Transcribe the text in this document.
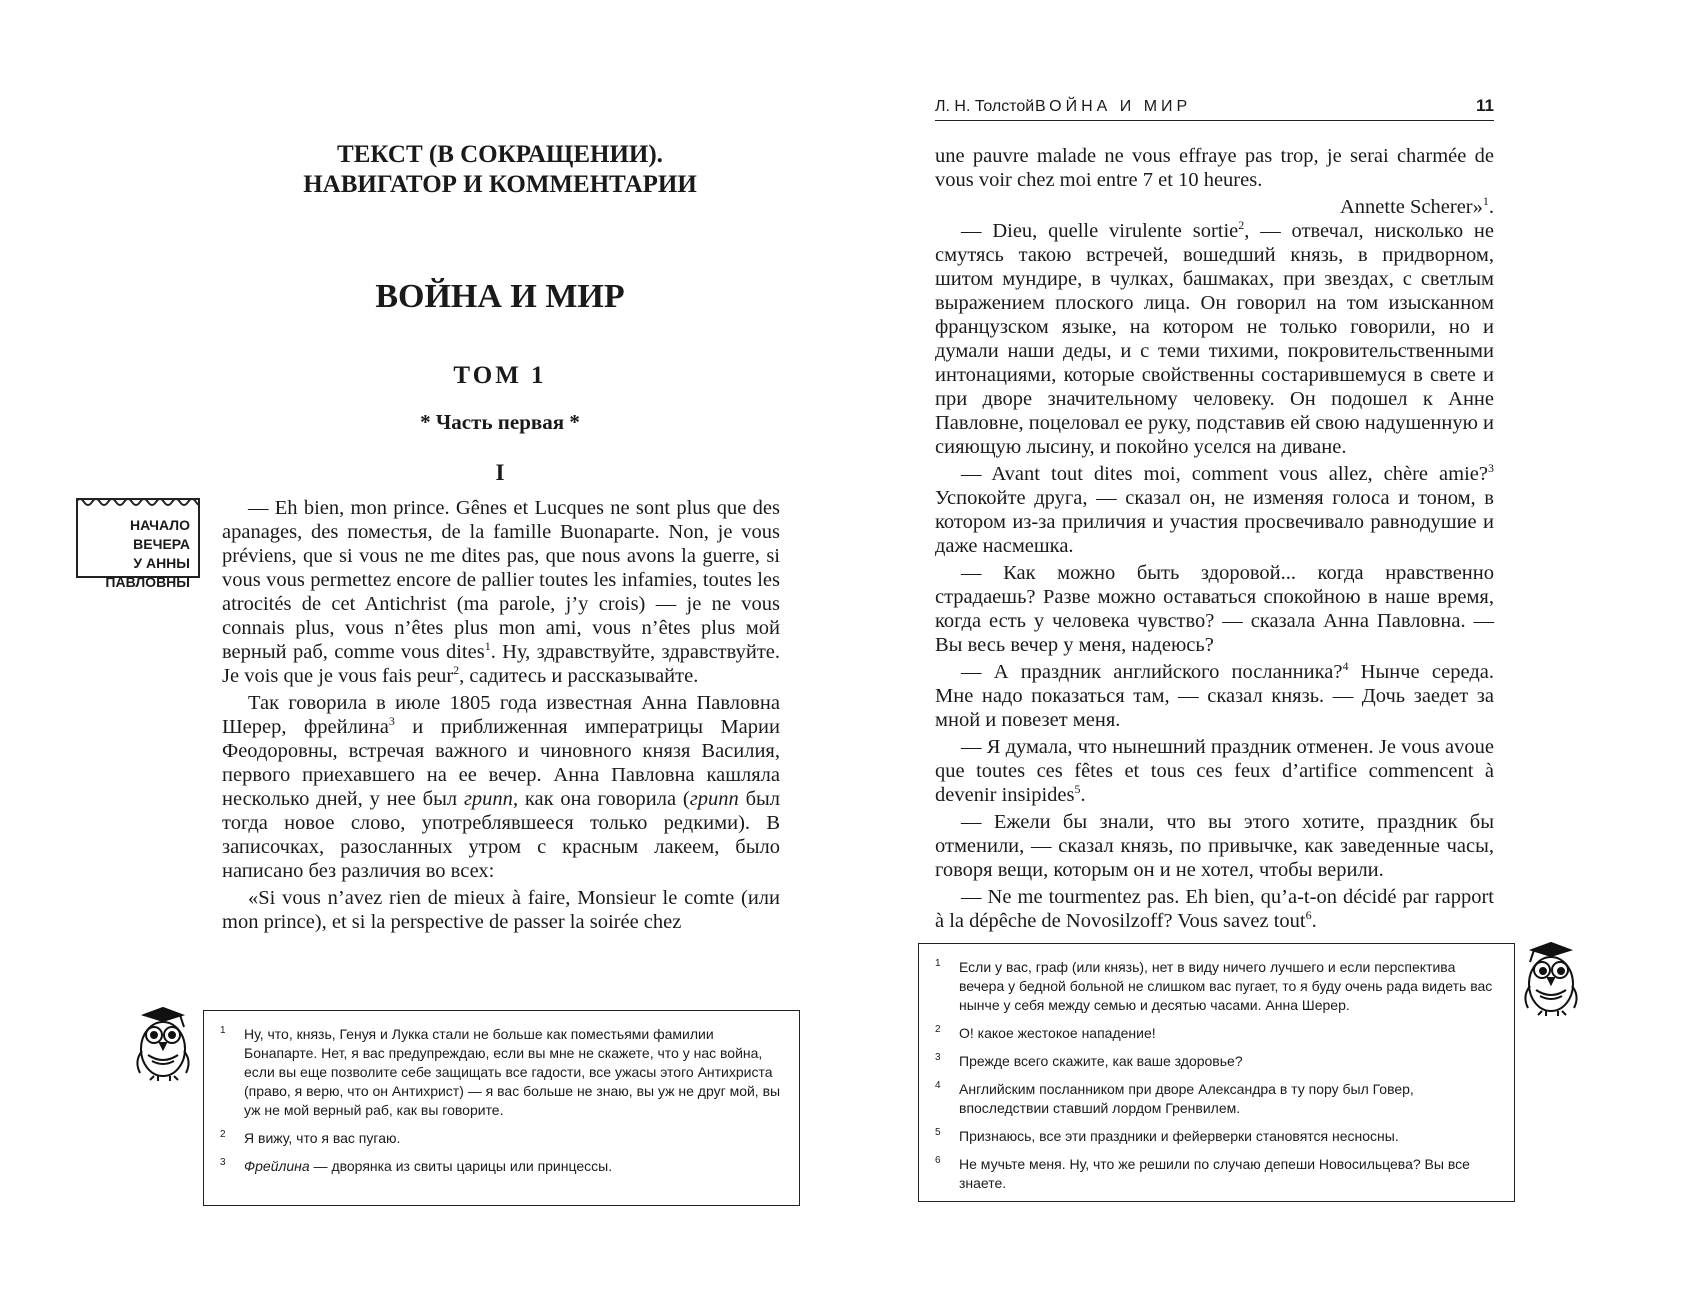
ТЕКСТ (В СОКРАЩЕНИИ).
НАВИГАТОР И КОММЕНТАРИИ
ВОЙНА И МИР
ТОМ 1
* Часть первая *
I
НАЧАЛО ВЕЧЕРА
У АННЫ
ПАВЛОВНЫ

— Eh bien, mon prince. Gênes et Lucques ne sont plus que des apanages, des поместья, de la famille Buonaparte. Non, je vous préviens, que si vous ne me dites pas, que nous avons la guerre, si vous vous permettez encore de pallier toutes les infamies, toutes les atrocités de cet Antichrist (ma parole, j’y crois) — je ne vous connais plus, vous n’êtes plus mon ami, vous n’êtes plus мой верный раб, comme vous dites$^1$. Ну, здравствуйте, здравствуйте. Je vois que je vous fais peur$^2$, садитесь и рассказывайте.

Так говорила в июле 1805 года известная Анна Павловна Шерер, фрейлина$^3$ и приближенная императрицы Марии Феодоровны, встречая важного и чиновного князя Василия, первого приехавшего на ее вечер. Анна Павловна кашляла несколько дней, у нее был грипп, как она говорила (грипп был тогда новое слово, употреблявшееся только редкими). В записочках, разосланных утром с красным лакеем, было написано без различия во всех:

«Si vous n’avez rien de mieux à faire, Monsieur le comte (или mon prince), et si la perspective de passer la soirée chez

1 Ну, что, князь, Генуя и Лукка стали не больше как поместьями фамилии Бонапарте. Нет, я вас предупреждаю, если вы мне не скажете, что у нас война, если вы еще позволите себе защищать все гадости, все ужасы этого Антихриста (право, я верю, что он Антихрист) — я вас больше не знаю, вы уж не друг мой, вы уж не мой верный раб, как вы говорите.
2 Я вижу, что я вас пугаю.
3 Фрейлина — дворянка из свиты царицы или принцессы.
Л. Н. Толстой ВОЙНА И МИР	11

une pauvre malade ne vous effraye pas trop, je serai charmée de vous voir chez moi entre 7 et 10 heures.

Annette Scherer»$^1$.

— Dieu, quelle virulente sortie$^2$, — отвечал, нисколько не смутясь такою встречей, вошедший князь, в придворном, шитом мундире, в чулках, башмаках, при звездах, с светлым выражением плоского лица. Он говорил на том изысканном французском языке, на котором не только говорили, но и думали наши деды, и с теми тихими, покровительственными интонациями, которые свойственны состарившемуся в свете и при дворе значительному человеку. Он подошел к Анне Павловне, поцеловал ее руку, подставив ей свою надушенную и сияющую лысину, и покойно уселся на диване.

— Avant tout dites moi, comment vous allez, chère amie?$^3$ Успокойте друга, — сказал он, не изменяя голоса и тоном, в котором из-за приличия и участия просвечивало равнодушие и даже насмешка.

— Как можно быть здоровой... когда нравственно страдаешь? Разве можно оставаться спокойною в наше время, когда есть у человека чувство? — сказала Анна Павловна. — Вы весь вечер у меня, надеюсь?

— А праздник английского посланника?$^4$ Нынче середа. Мне надо показаться там, — сказал князь. — Дочь заедет за мной и повезет меня.

— Я думала, что нынешний праздник отменен. Je vous avoue que toutes ces fêtes et tous ces feux d’artifice commencent à devenir insipides$^5$.

— Ежели бы знали, что вы этого хотите, праздник бы отменили, — сказал князь, по привычке, как заведенные часы, говоря вещи, которым он и не хотел, чтобы верили.

— Ne me tourmentez pas. Eh bien, qu’a-t-on décidé par rapport à la dépêche de Novosilzoff? Vous savez tout$^6$.

1 Если у вас, граф (или князь), нет в виду ничего лучшего и если перспектива вечера у бедной больной не слишком вас пугает, то я буду очень рада видеть вас нынче у себя между семью и десятью часами. Анна Шерер.
2 О! какое жестокое нападение!
3 Прежде всего скажите, как ваше здоровье?
4 Английским посланником при дворе Александра в ту пору был Говер, впоследствии ставший лордом Гренвилем.
5 Признаюсь, все эти праздники и фейерверки становятся несносны.
6 Не мучьте меня. Ну, что же решили по случаю депеши Новосильцева? Вы все знаете.
